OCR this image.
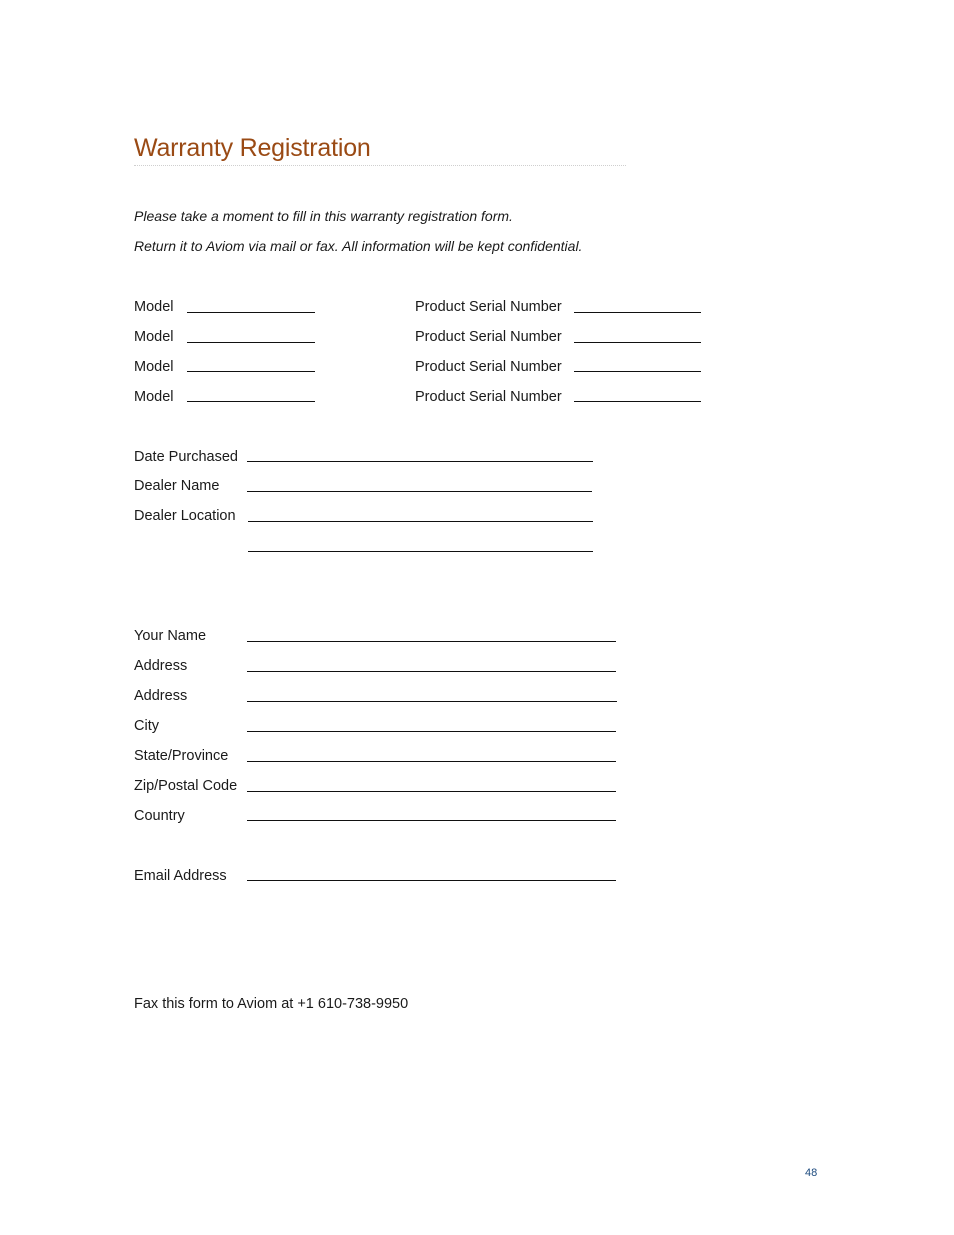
Warranty Registration
Please take a moment to fill in this warranty registration form.
Return it to Aviom via mail or fax. All information will be kept confidential.
Model	Product Serial Number
Model	Product Serial Number
Model	Product Serial Number
Model	Product Serial Number
Date Purchased
Dealer Name
Dealer Location
Your Name
Address
Address
City
State/Province
Zip/Postal Code
Country
Email Address
Fax this form to Aviom at +1 610-738-9950
48
